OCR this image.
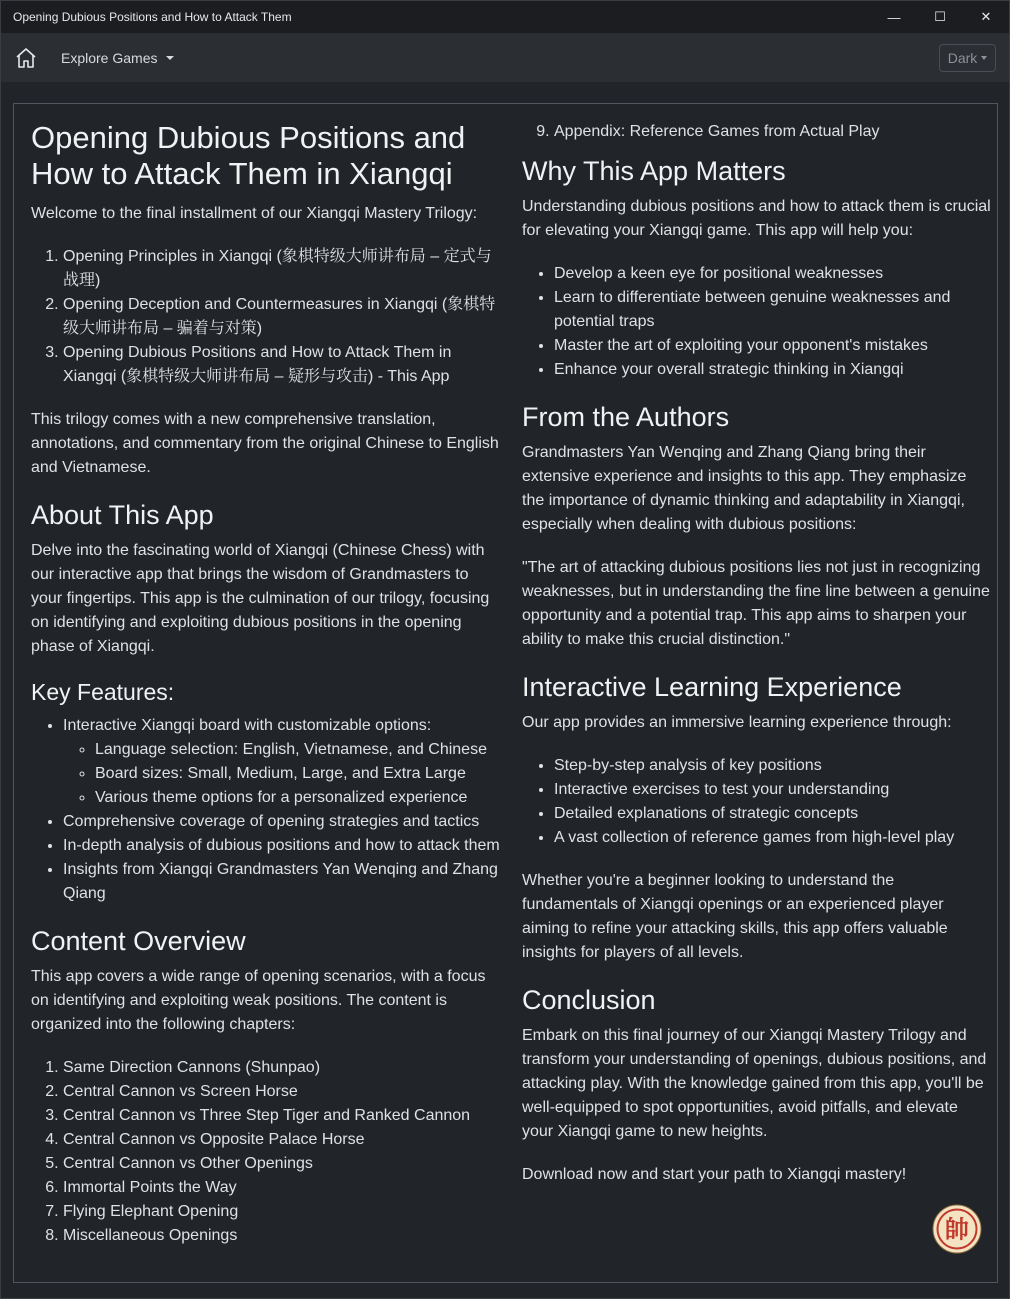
Opening Dubious Positions and How to Attack Them	—	☐	✕
Explore Games	Dark
Opening Dubious Positions and How to Attack Them in Xiangqi

Welcome to the final installment of our Xiangqi Mastery Trilogy:

1. Opening Principles in Xiangqi (象棋特级大师讲布局 – 定式与战理)
2. Opening Deception and Countermeasures in Xiangqi (象棋特级大师讲布局 – 骗着与对策)
3. Opening Dubious Positions and How to Attack Them in Xiangqi (象棋特级大师讲布局 – 疑形与攻击) - This App

This trilogy comes with a new comprehensive translation, annotations, and commentary from the original Chinese to English and Vietnamese.

About This App

Delve into the fascinating world of Xiangqi (Chinese Chess) with our interactive app that brings the wisdom of Grandmasters to your fingertips. This app is the culmination of our trilogy, focusing on identifying and exploiting dubious positions in the opening phase of Xiangqi.

Key Features:
• Interactive Xiangqi board with customizable options:
◦ Language selection: English, Vietnamese, and Chinese
◦ Board sizes: Small, Medium, Large, and Extra Large
◦ Various theme options for a personalized experience
• Comprehensive coverage of opening strategies and tactics
• In-depth analysis of dubious positions and how to attack them
• Insights from Xiangqi Grandmasters Yan Wenqing and Zhang Qiang
Content Overview

This app covers a wide range of opening scenarios, with a focus on identifying and exploiting weak positions. The content is organized into the following chapters:

1. Same Direction Cannons (Shunpao)
2. Central Cannon vs Screen Horse
3. Central Cannon vs Three Step Tiger and Ranked Cannon
4. Central Cannon vs Opposite Palace Horse
5. Central Cannon vs Other Openings
6. Immortal Points the Way
7. Flying Elephant Opening
8. Miscellaneous Openings
9. Appendix: Reference Games from Actual Play
Why This App Matters

Understanding dubious positions and how to attack them is crucial for elevating your Xiangqi game. This app will help you:

• Develop a keen eye for positional weaknesses
• Learn to differentiate between genuine weaknesses and potential traps
• Master the art of exploiting your opponent's mistakes
• Enhance your overall strategic thinking in Xiangqi
From the Authors

Grandmasters Yan Wenqing and Zhang Qiang bring their extensive experience and insights to this app. They emphasize the importance of dynamic thinking and adaptability in Xiangqi, especially when dealing with dubious positions:

"The art of attacking dubious positions lies not just in recognizing weaknesses, but in understanding the fine line between a genuine opportunity and a potential trap. This app aims to sharpen your ability to make this crucial distinction."

Interactive Learning Experience

Our app provides an immersive learning experience through:

• Step-by-step analysis of key positions
• Interactive exercises to test your understanding
• Detailed explanations of strategic concepts
• A vast collection of reference games from high-level play

Whether you're a beginner looking to understand the fundamentals of Xiangqi openings or an experienced player aiming to refine your attacking skills, this app offers valuable insights for players of all levels.

Conclusion

Embark on this final journey of our Xiangqi Mastery Trilogy and transform your understanding of openings, dubious positions, and attacking play. With the knowledge gained from this app, you'll be well-equipped to spot opportunities, avoid pitfalls, and elevate your Xiangqi game to new heights.

Download now and start your path to Xiangqi mastery!

帥
